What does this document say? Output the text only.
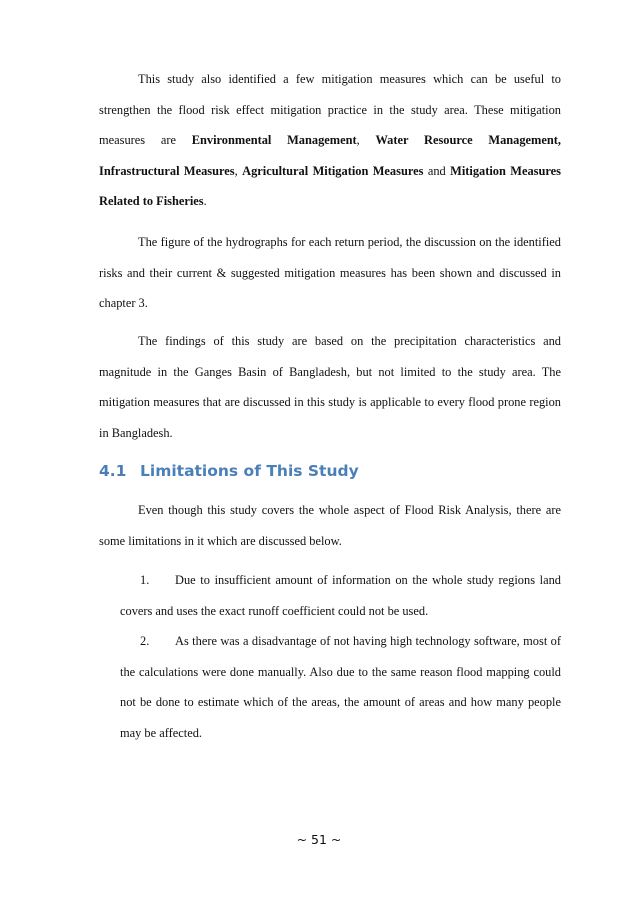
This study also identified a few mitigation measures which can be useful to strengthen the flood risk effect mitigation practice in the study area. These mitigation measures are Environmental Management, Water Resource Management, Infrastructural Measures, Agricultural Mitigation Measures and Mitigation Measures Related to Fisheries.

The figure of the hydrographs for each return period, the discussion on the identified risks and their current & suggested mitigation measures has been shown and discussed in chapter 3.

The findings of this study are based on the precipitation characteristics and magnitude in the Ganges Basin of Bangladesh, but not limited to the study area. The mitigation measures that are discussed in this study is applicable to every flood prone region in Bangladesh.

4.1 Limitations of This Study

Even though this study covers the whole aspect of Flood Risk Analysis, there are some limitations in it which are discussed below.

1. Due to insufficient amount of information on the whole study regions land covers and uses the exact runoff coefficient could not be used.

2. As there was a disadvantage of not having high technology software, most of the calculations were done manually. Also due to the same reason flood mapping could not be done to estimate which of the areas, the amount of areas and how many people may be affected.

~ 51 ~
